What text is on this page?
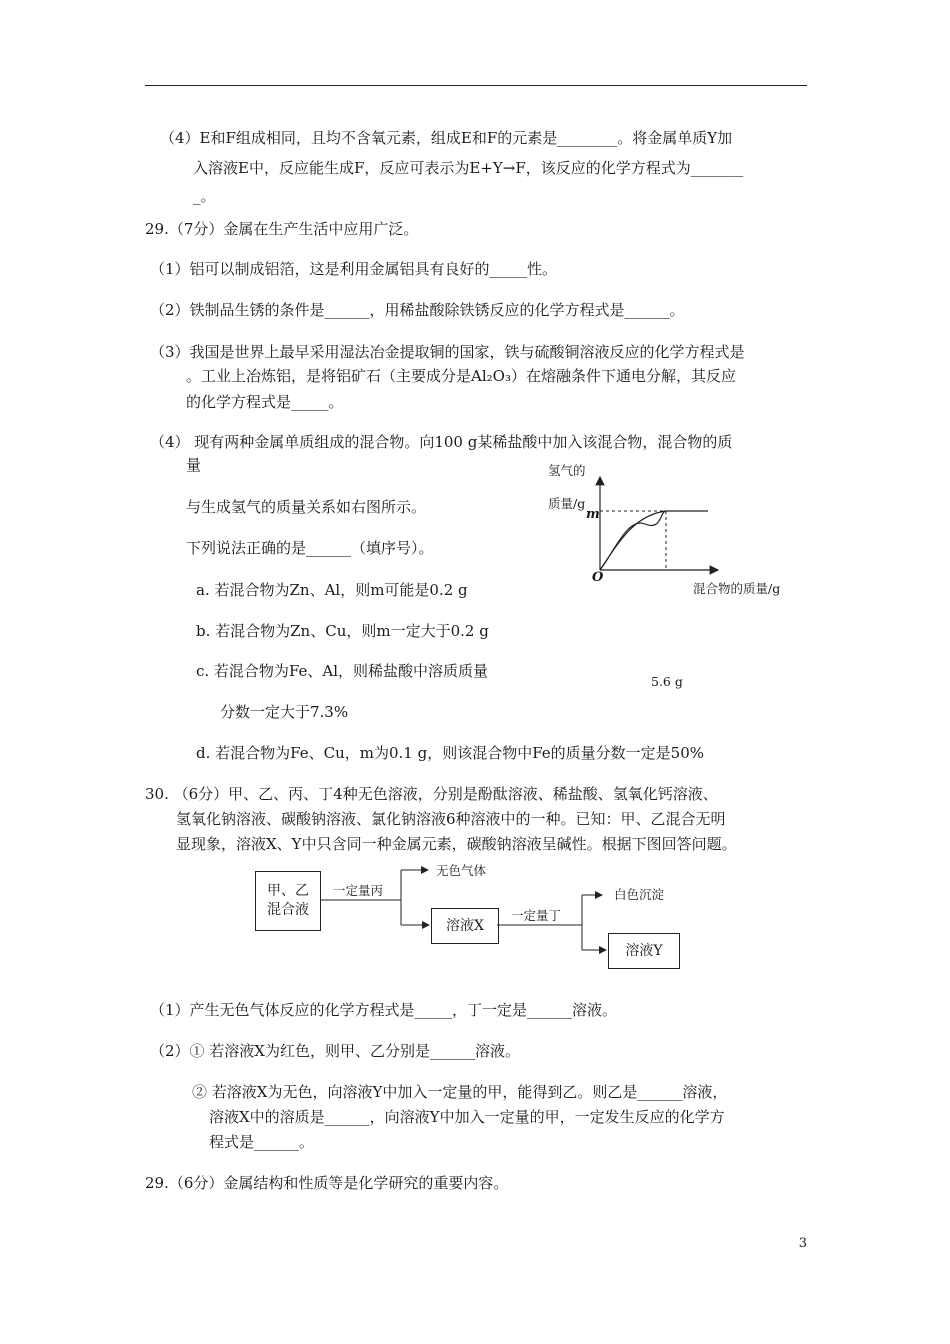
（4）E和F组成相同，且均不含氧元素，组成E和F的元素是________。将金属单质Y加
入溶液E中，反应能生成F，反应可表示为E+Y→F，该反应的化学方程式为_______
_。
29.（7分）金属在生产生活中应用广泛。
（1）铝可以制成铝箔，这是利用金属铝具有良好的_____性。
（2）铁制品生锈的条件是______，用稀盐酸除铁锈反应的化学方程式是______。
（3）我国是世界上最早采用湿法冶金提取铜的国家，铁与硫酸铜溶液反应的化学方程式是
。工业上冶炼铝，是将铝矿石（主要成分是Al₂O₃）在熔融条件下通电分解，其反应
的化学方程式是_____。
（4） 现有两种金属单质组成的混合物。向100 g某稀盐酸中加入该混合物，混合物的质
量
与生成氢气的质量关系如右图所示。
下列说法正确的是______（填序号）。
a. 若混合物为Zn、Al，则m可能是0.2 g
b. 若混合物为Zn、Cu，则m一定大于0.2 g
c. 若混合物为Fe、Al，则稀盐酸中溶质质量
分数一定大于7.3%
d. 若混合物为Fe、Cu，m为0.1 g，则该混合物中Fe的质量分数一定是50%
氢气的
质量/g
m
O
混合物的质量/g
5.6 g
30. （6分）甲、乙、丙、丁4种无色溶液，分别是酚酞溶液、稀盐酸、氢氧化钙溶液、
氢氧化钠溶液、碳酸钠溶液、氯化钠溶液6种溶液中的一种。已知：甲、乙混合无明
显现象，溶液X、Y中只含同一种金属元素，碳酸钠溶液呈碱性。根据下图回答问题。
甲、乙
混合液
溶液X
溶液Y
一定量丙
无色气体
一定量丁
白色沉淀
（1）产生无色气体反应的化学方程式是_____，丁一定是______溶液。
（2）① 若溶液X为红色，则甲、乙分别是______溶液。
② 若溶液X为无色，向溶液Y中加入一定量的甲，能得到乙。则乙是______溶液，
溶液X中的溶质是______，向溶液Y中加入一定量的甲，一定发生反应的化学方
程式是______。
29.（6分）金属结构和性质等是化学研究的重要内容。
3
